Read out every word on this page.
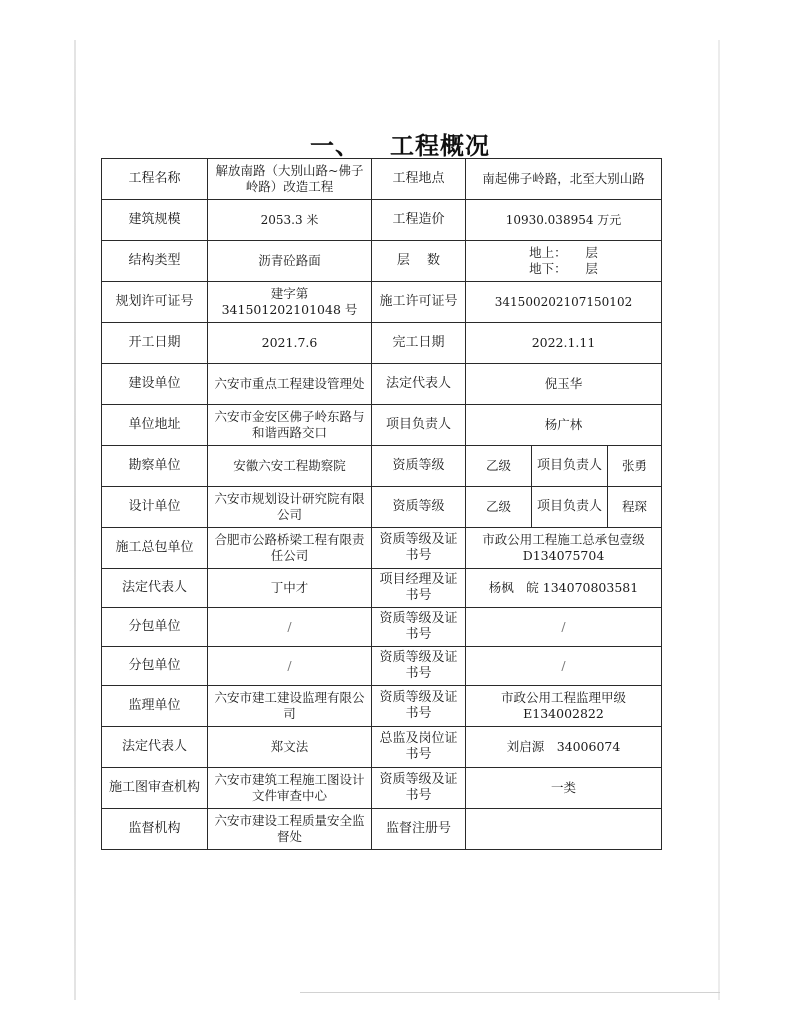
一、 工程概况
工程名称	解放南路（大别山路~佛子岭路）改造工程	工程地点	南起佛子岭路，北至大别山路		
建筑规模	2053.3 米	工程造价	10930.038954 万元		
结构类型	沥青砼路面	层　 数	地上：　　层
地下：　　层		

规划许可证号	建字第 341501202101048 号	施工许可证号	341500202107150102		
开工日期	2021.7.6	完工日期	2022.1.11		
建设单位	六安市重点工程建设管理处	法定代表人	倪玉华		
单位地址	六安市金安区佛子岭东路与和谐西路交口	项目负责人	杨广林		
勘察单位	安徽六安工程勘察院	资质等级	乙级	项目负责人	张勇
设计单位	六安市规划设计研究院有限公司	资质等级	乙级	项目负责人	程琛
施工总包单位	合肥市公路桥梁工程有限责任公司	资质等级及证书号	市政公用工程施工总承包壹级
D134075704		

法定代表人	丁中才	项目经理及证书号	杨枫　皖 134070803581		
分包单位	/	资质等级及证书号	/		
分包单位	/	资质等级及证书号	/		
监理单位	六安市建工建设监理有限公司	资质等级及证书号	市政公用工程监理甲级
E134002822		

法定代表人	郑文法	总监及岗位证书号	刘启源　34006074		
施工图审查机构	六安市建筑工程施工图设计文件审查中心	资质等级及证书号	一类		
监督机构	六安市建设工程质量安全监督处	监督注册号			
